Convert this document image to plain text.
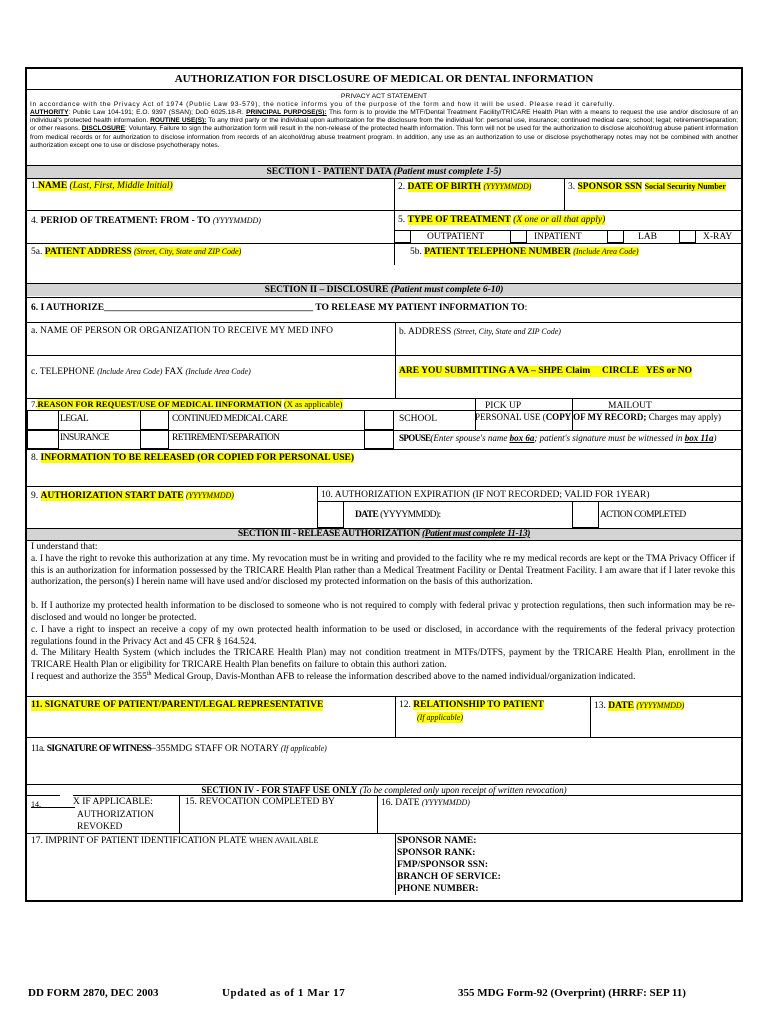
AUTHORIZATION FOR DISCLOSURE OF MEDICAL OR DENTAL INFORMATION
PRIVACY ACT STATEMENT
In accordance with the Privacy Act of 1974 (Public Law 93-579), the notice informs you of the purpose of the form and how it will be used. Please read it carefully.
AUTHORITY: Public Law 104-191; E.O. 9397 (SSAN); DoD 6025.18-R. PRINCIPAL PURPOSE(S): This form is to provide the MTF/Dental Treatment Facility/TRICARE Health Plan with a means to request the use and/or disclosure of an individual's protected health information. ROUTINE USE(S): To any third party or the individual upon authorization for the disclosure from the individual for: personal use, insurance; continued medical care; school; legal; retirement/separation; or other reasons. DISCLOSURE: Voluntary. Failure to sign the authorization form will result in the non-release of the protected health information. This form will not be used for the authorization to disclose alcohol/drug abuse patient information from medical records or for authorization to disclose information from records of an alcohol/drug abuse treatment program. In addition, any use as an authorization to use or disclose psychotherapy notes may not be combined with another authorization except one to use or disclose psychotherapy notes.
SECTION I - PATIENT DATA (Patient must complete 1-5)
1.NAME (Last, First, Middle Initial)	2. DATE OF BIRTH (YYYYMMDD)	3. SPONSOR SSN Social Security Number
4. PERIOD OF TREATMENT: FROM - TO (YYYYMMDD)	5. TYPE OF TREATMENT (X one or all that apply)
OUTPATIENT	INPATIENT	LAB	X-RAY
5a. PATIENT ADDRESS (Street, City, State and ZIP Code)	5b. PATIENT TELEPHONE NUMBER (Include Area Code)
SECTION II – DISCLOSURE (Patient must complete 6-10)
6. I AUTHORIZE____________________________________________ TO RELEASE MY PATIENT INFORMATION TO:
a. NAME OF PERSON OR ORGANIZATION TO RECEIVE MY MED INFO	b. ADDRESS (Street, City, State and ZIP Code)
c. TELEPHONE (Include Area Code) FAX (Include Area Code)	ARE YOU SUBMITTING A VA – SHPE Claim     CIRCLE   YES or NO
7.REASON FOR REQUEST/USE OF MEDICAL IINFORMATION (X as applicable)
LEGAL	CONTINUED MEDICAL CARE	SCHOOL
PICK UP	MAILOUT
PERSONAL USE (COPY OF MY RECORD; Charges may apply)
INSURANCE	RETIREMENT/SEPARATION	SPOUSE(Enter spouse's name box 6a; patient's signature must be witnessed in box 11a)
8. INFORMATION TO BE RELEASED (OR COPIED FOR PERSONAL USE)
9. AUTHORIZATION START DATE (YYYYMMDD)	10. AUTHORIZATION EXPIRATION (IF NOT RECORDED; VALID FOR 1YEAR)
DATE (YYYYMMDD):	ACTION COMPLETED
SECTION III - RELEASE AUTHORIZATION (Patient must complete 11-13)
I understand that:
a. I have the right to revoke this authorization at any time. My revocation must be in writing and provided to the facility whe re my medical records are kept or the TMA Privacy Officer if this is an authorization for information possessed by the TRICARE Health Plan rather than a Medical Treatment Facility or Dental Treatment Facility. I am aware that if I later revoke this authorization, the person(s) I herein name will have used and/or disclosed my protected information on the basis of this authorization.
b. If I authorize my protected health information to be disclosed to someone who is not required to comply with federal privac y protection regulations, then such information may be re-disclosed and would no longer be protected.
c. I have a right to inspect an receive a copy of my own protected health information to be used or disclosed, in accordance with the requirements of the federal privacy protection regulations found in the Privacy Act and 45 CFR § 164.524.
d. The Military Health System (which includes the TRICARE Health Plan) may not condition treatment in MTFs/DTFS, payment by the TRICARE Health Plan, enrollment in the TRICARE Health Plan or eligibility for TRICARE Health Plan benefits on failure to obtain this authori zation.
I request and authorize the 355th Medical Group, Davis-Monthan AFB to release the information described above to the named individual/organization indicated.
11. SIGNATURE OF PATIENT/PARENT/LEGAL REPRESENTATIVE	12. RELATIONSHIP TO PATIENT
(If applicable)
13. DATE (YYYYMMDD)
11a. SIGNATURE OF WITNESS–355MDG STAFF OR NOTARY (If applicable)
SECTION IV - FOR STAFF USE ONLY (To be completed only upon receipt of written revocation)
14.	X IF APPLICABLE:
AUTHORIZATION
REVOKED
15. REVOCATION COMPLETED BY	16. DATE (YYYYMMDD)
17. IMPRINT OF PATIENT IDENTIFICATION PLATE WHEN AVAILABLE	SPONSOR NAME:
SPONSOR RANK:
FMP/SPONSOR SSN:
BRANCH OF SERVICE:
PHONE NUMBER:
DD FORM 2870, DEC 2003	Updated as of 1 Mar 17	355 MDG Form-92 (Overprint) (HRRF: SEP 11)
